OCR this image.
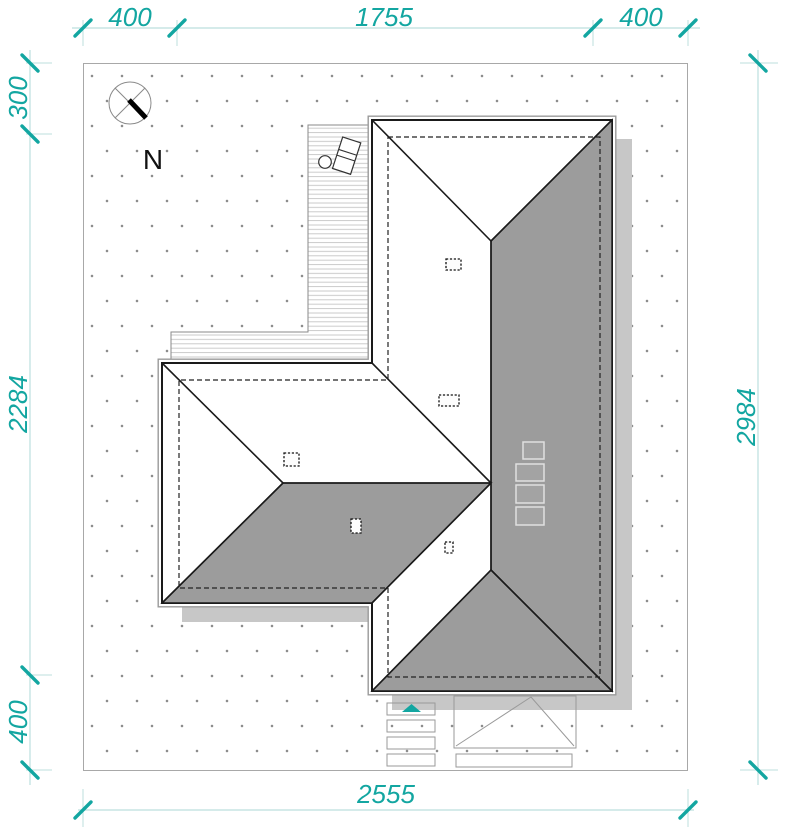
400	1755	400
300
2284
400
2984
2555
N
